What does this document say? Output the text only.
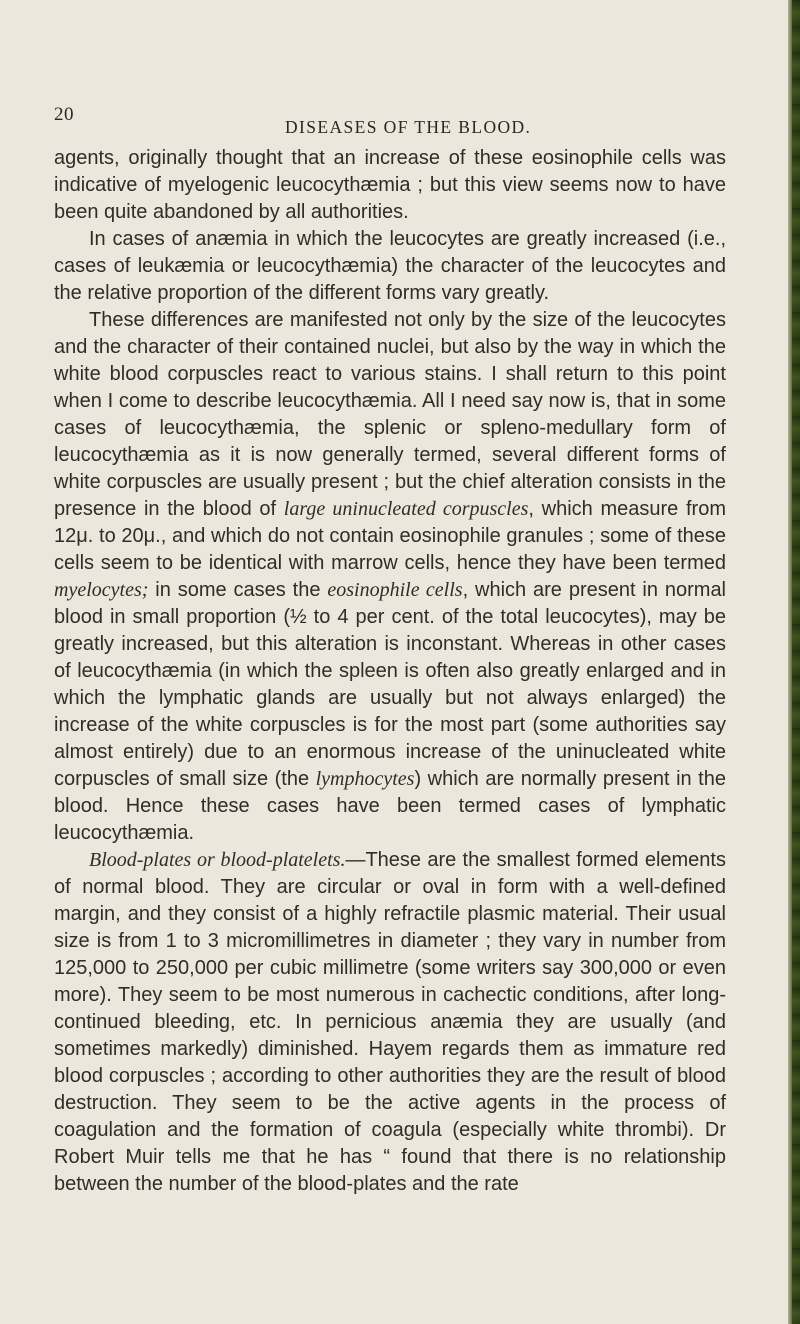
20
DISEASES OF THE BLOOD.

agents, originally thought that an increase of these eosinophile cells was indicative of myelogenic leucocythæmia ; but this view seems now to have been quite abandoned by all authorities.

In cases of anæmia in which the leucocytes are greatly increased (i.e., cases of leukæmia or leucocythæmia) the character of the leucocytes and the relative proportion of the different forms vary greatly.

These differences are manifested not only by the size of the leucocytes and the character of their contained nuclei, but also by the way in which the white blood corpuscles react to various stains. I shall return to this point when I come to describe leucocythæmia. All I need say now is, that in some cases of leucocythæmia, the splenic or spleno-medullary form of leucocythæmia as it is now generally termed, several different forms of white corpuscles are usually present ; but the chief alteration consists in the presence in the blood of large uninucleated corpuscles, which measure from 12μ. to 20μ., and which do not contain eosinophile granules ; some of these cells seem to be identical with marrow cells, hence they have been termed myelocytes; in some cases the eosinophile cells, which are present in normal blood in small proportion (½ to 4 per cent. of the total leucocytes), may be greatly increased, but this alteration is inconstant. Whereas in other cases of leucocythæmia (in which the spleen is often also greatly enlarged and in which the lymphatic glands are usually but not always enlarged) the increase of the white corpuscles is for the most part (some authorities say almost entirely) due to an enormous increase of the uninucleated white corpuscles of small size (the lymphocytes) which are normally present in the blood. Hence these cases have been termed cases of lymphatic leucocythæmia.

Blood-plates or blood-platelets.—These are the smallest formed elements of normal blood. They are circular or oval in form with a well-defined margin, and they consist of a highly refractile plasmic material. Their usual size is from 1 to 3 micromillimetres in diameter ; they vary in number from 125,000 to 250,000 per cubic millimetre (some writers say 300,000 or even more). They seem to be most numerous in cachectic conditions, after long-continued bleeding, etc. In pernicious anæmia they are usually (and sometimes markedly) diminished. Hayem regards them as immature red blood corpuscles ; according to other authorities they are the result of blood destruction. They seem to be the active agents in the process of coagulation and the formation of coagula (especially white thrombi). Dr Robert Muir tells me that he has “ found that there is no relationship between the number of the blood-plates and the rate
